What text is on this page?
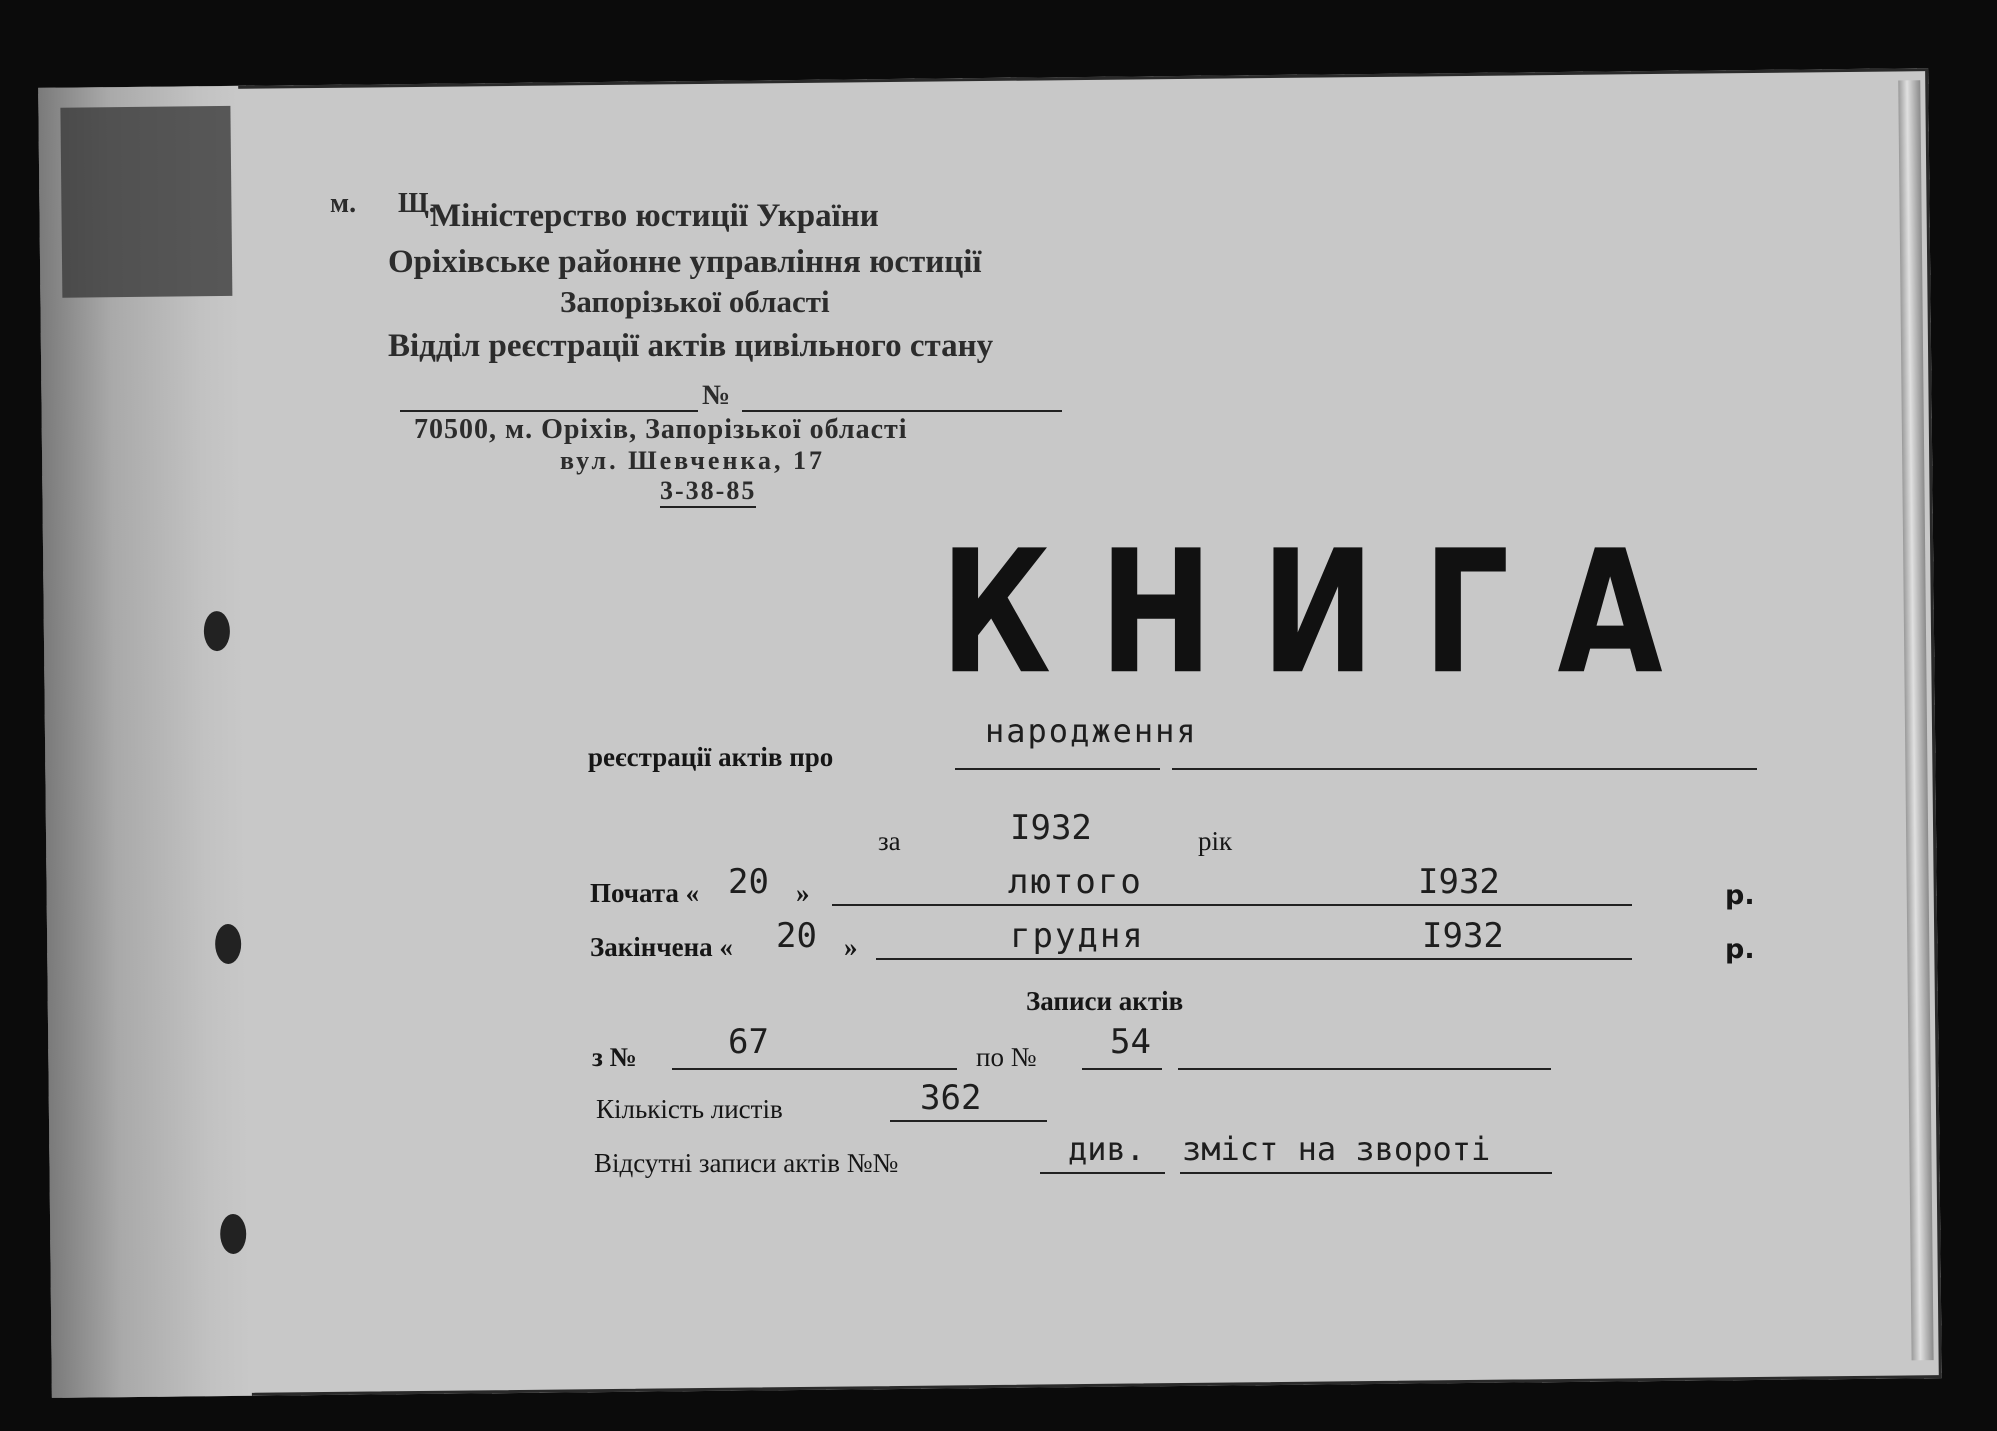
м. Щ.
Міністерство юстиції України
Оріхівське районне управління юстиції
Запорізької області
Відділ реєстрації актів цивільного стану
№
70500, м. Оріхів, Запорізької області
вул. Шевченка, 17
3-38-85
КНИГА
реєстрації актів про
народження
за	I932	рік
Почата « 20 »	лютого	I932	р.
Закінчена « 20 »	грудня	I932	р.
Записи актів
з №	67	по № 54
Кількість листів	362
Відсутні записи актів №№	див. зміст на звороті
